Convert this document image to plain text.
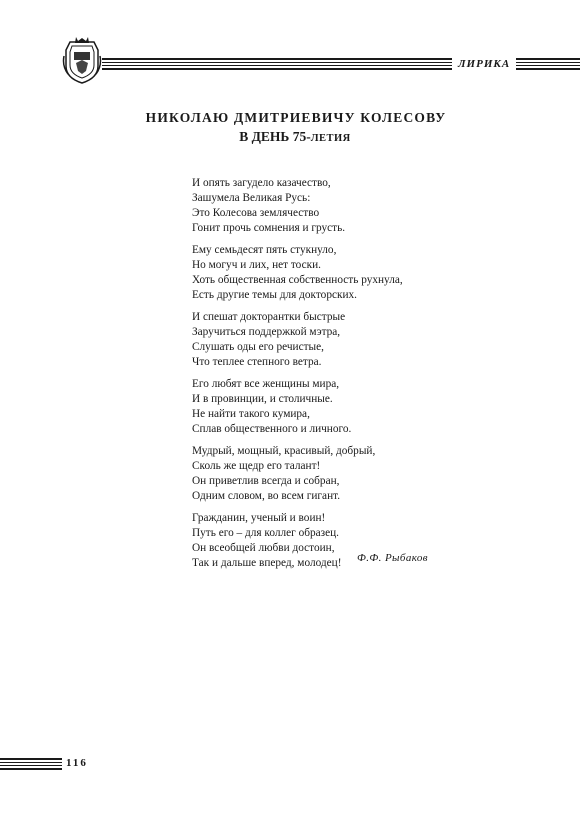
ЛИРИКА
НИКОЛАЮ ДМИТРИЕВИЧУ КОЛЕСОВУ
В ДЕНЬ 75-ЛЕТИЯ
И опять загудело казачество,
Зашумела Великая Русь:
Это Колесова землячество
Гонит прочь сомнения и грусть.
Ему семьдесят пять стукнуло,
Но могуч и лих, нет тоски.
Хоть общественная собственность рухнула,
Есть другие темы для докторских.
И спешат докторантки быстрые
Заручиться поддержкой мэтра,
Слушать оды его речистые,
Что теплее степного ветра.
Его любят все женщины мира,
И в провинции, и столичные.
Не найти такого кумира,
Сплав общественного и личного.
Мудрый, мощный, красивый, добрый,
Сколь же щедр его талант!
Он приветлив всегда и собран,
Одним словом, во всем гигант.
Гражданин, ученый и воин!
Путь его – для коллег образец.
Он всеобщей любви достоин,
Так и дальше вперед, молодец!	Ф.Ф. Рыбаков
116
